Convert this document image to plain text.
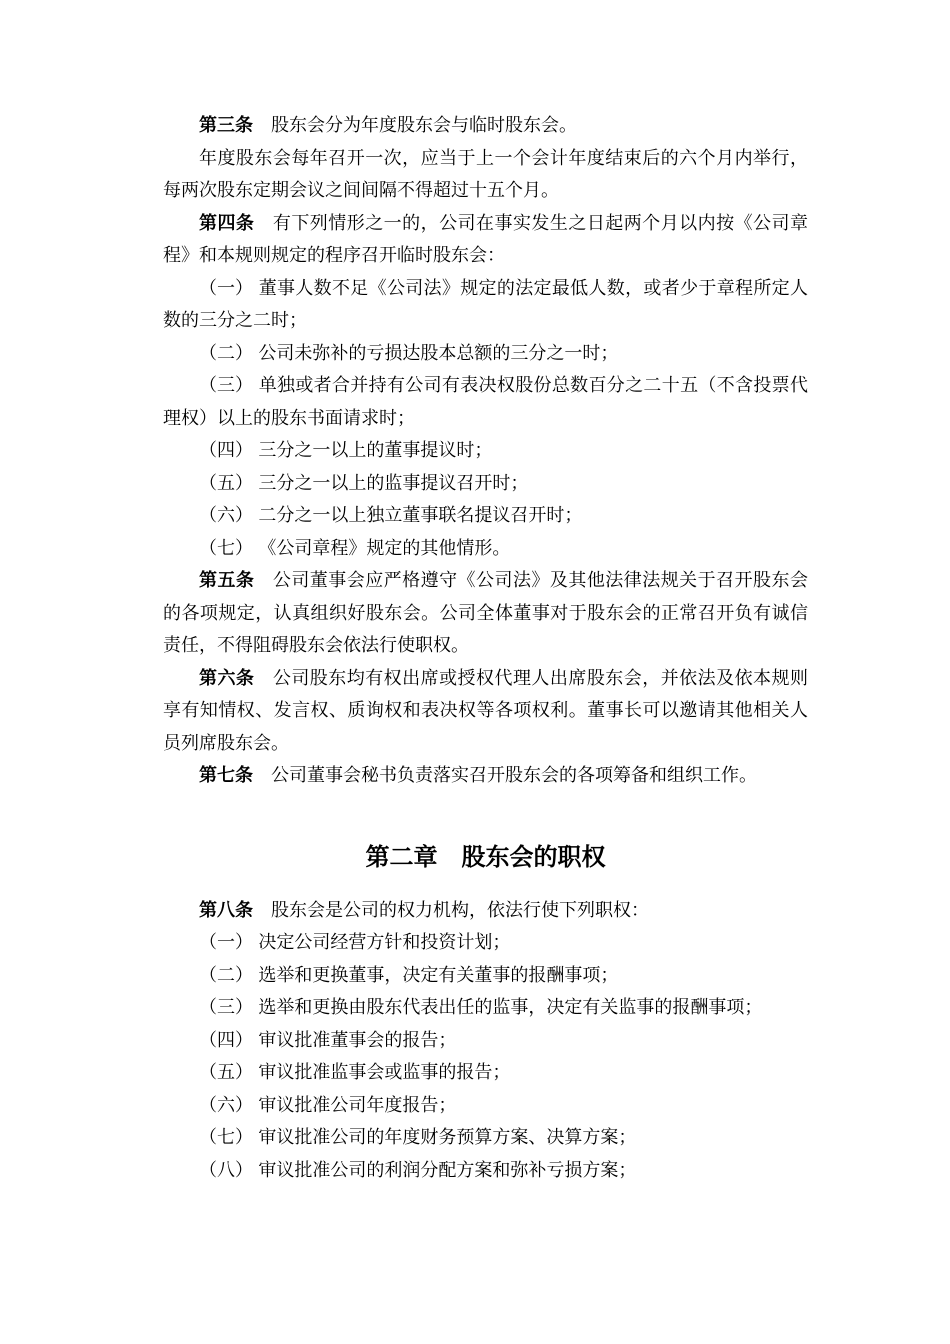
第三条 股东会分为年度股东会与临时股东会。

年度股东会每年召开一次，应当于上一个会计年度结束后的六个月内举行，每两次股东定期会议之间间隔不得超过十五个月。

第四条 有下列情形之一的，公司在事实发生之日起两个月以内按《公司章程》和本规则规定的程序召开临时股东会：

（一） 董事人数不足《公司法》规定的法定最低人数，或者少于章程所定人数的三分之二时；

（二） 公司未弥补的亏损达股本总额的三分之一时；

（三） 单独或者合并持有公司有表决权股份总数百分之二十五（不含投票代理权）以上的股东书面请求时；

（四） 三分之一以上的董事提议时；

（五） 三分之一以上的监事提议召开时；

（六） 二分之一以上独立董事联名提议召开时；

（七） 《公司章程》规定的其他情形。

第五条 公司董事会应严格遵守《公司法》及其他法律法规关于召开股东会的各项规定，认真组织好股东会。公司全体董事对于股东会的正常召开负有诚信责任，不得阻碍股东会依法行使职权。

第六条 公司股东均有权出席或授权代理人出席股东会，并依法及依本规则享有知情权、发言权、质询权和表决权等各项权利。董事长可以邀请其他相关人员列席股东会。

第七条 公司董事会秘书负责落实召开股东会的各项筹备和组织工作。

第二章　股东会的职权

第八条 股东会是公司的权力机构，依法行使下列职权：

（一） 决定公司经营方针和投资计划；

（二） 选举和更换董事，决定有关董事的报酬事项；

（三） 选举和更换由股东代表出任的监事，决定有关监事的报酬事项；

（四） 审议批准董事会的报告；

（五） 审议批准监事会或监事的报告；

（六） 审议批准公司年度报告；

（七） 审议批准公司的年度财务预算方案、决算方案；

（八） 审议批准公司的利润分配方案和弥补亏损方案；
